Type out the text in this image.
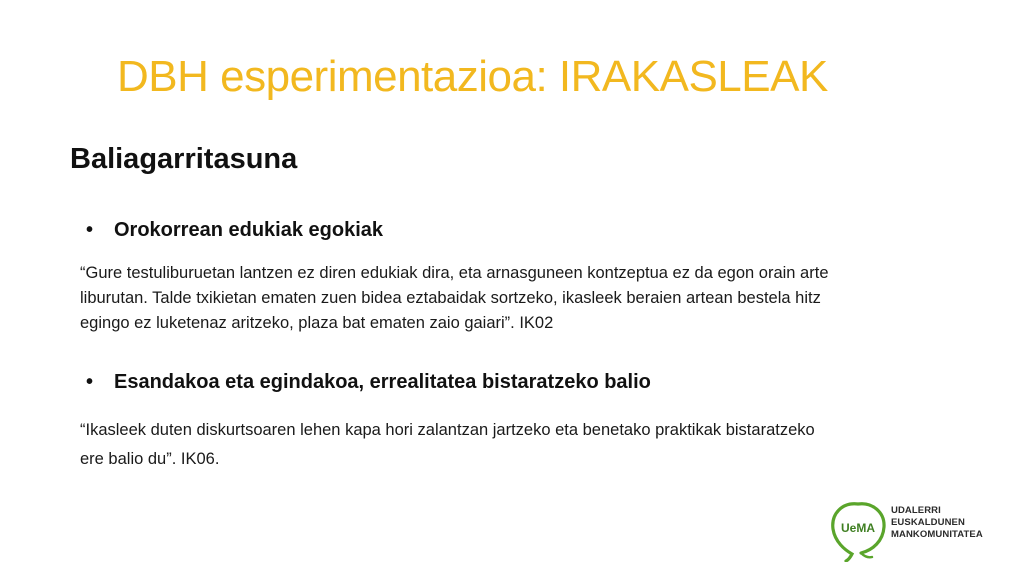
DBH esperimentazioa: IRAKASLEAK
Baliagarritasuna
• Orokorrean edukiak egokiak
“Gure testuliburuetan lantzen ez diren edukiak dira, eta arnasguneen kontzeptua ez da egon orain arte
liburutan. Talde txikietan ematen zuen bidea eztabaidak sortzeko, ikasleek beraien artean bestela hitz
egingo ez luketenaz aritzeko, plaza bat ematen zaio gaiari”. IK02
• Esandakoa eta egindakoa, errealitatea bistaratzeko balio
“Ikasleek duten diskurtsoaren lehen kapa hori zalantzan jartzeko eta benetako praktikak bistaratzeko
ere balio du”. IK06.
UeMA
UDALERRI
EUSKALDUNEN
MANKOMUNITATEA
